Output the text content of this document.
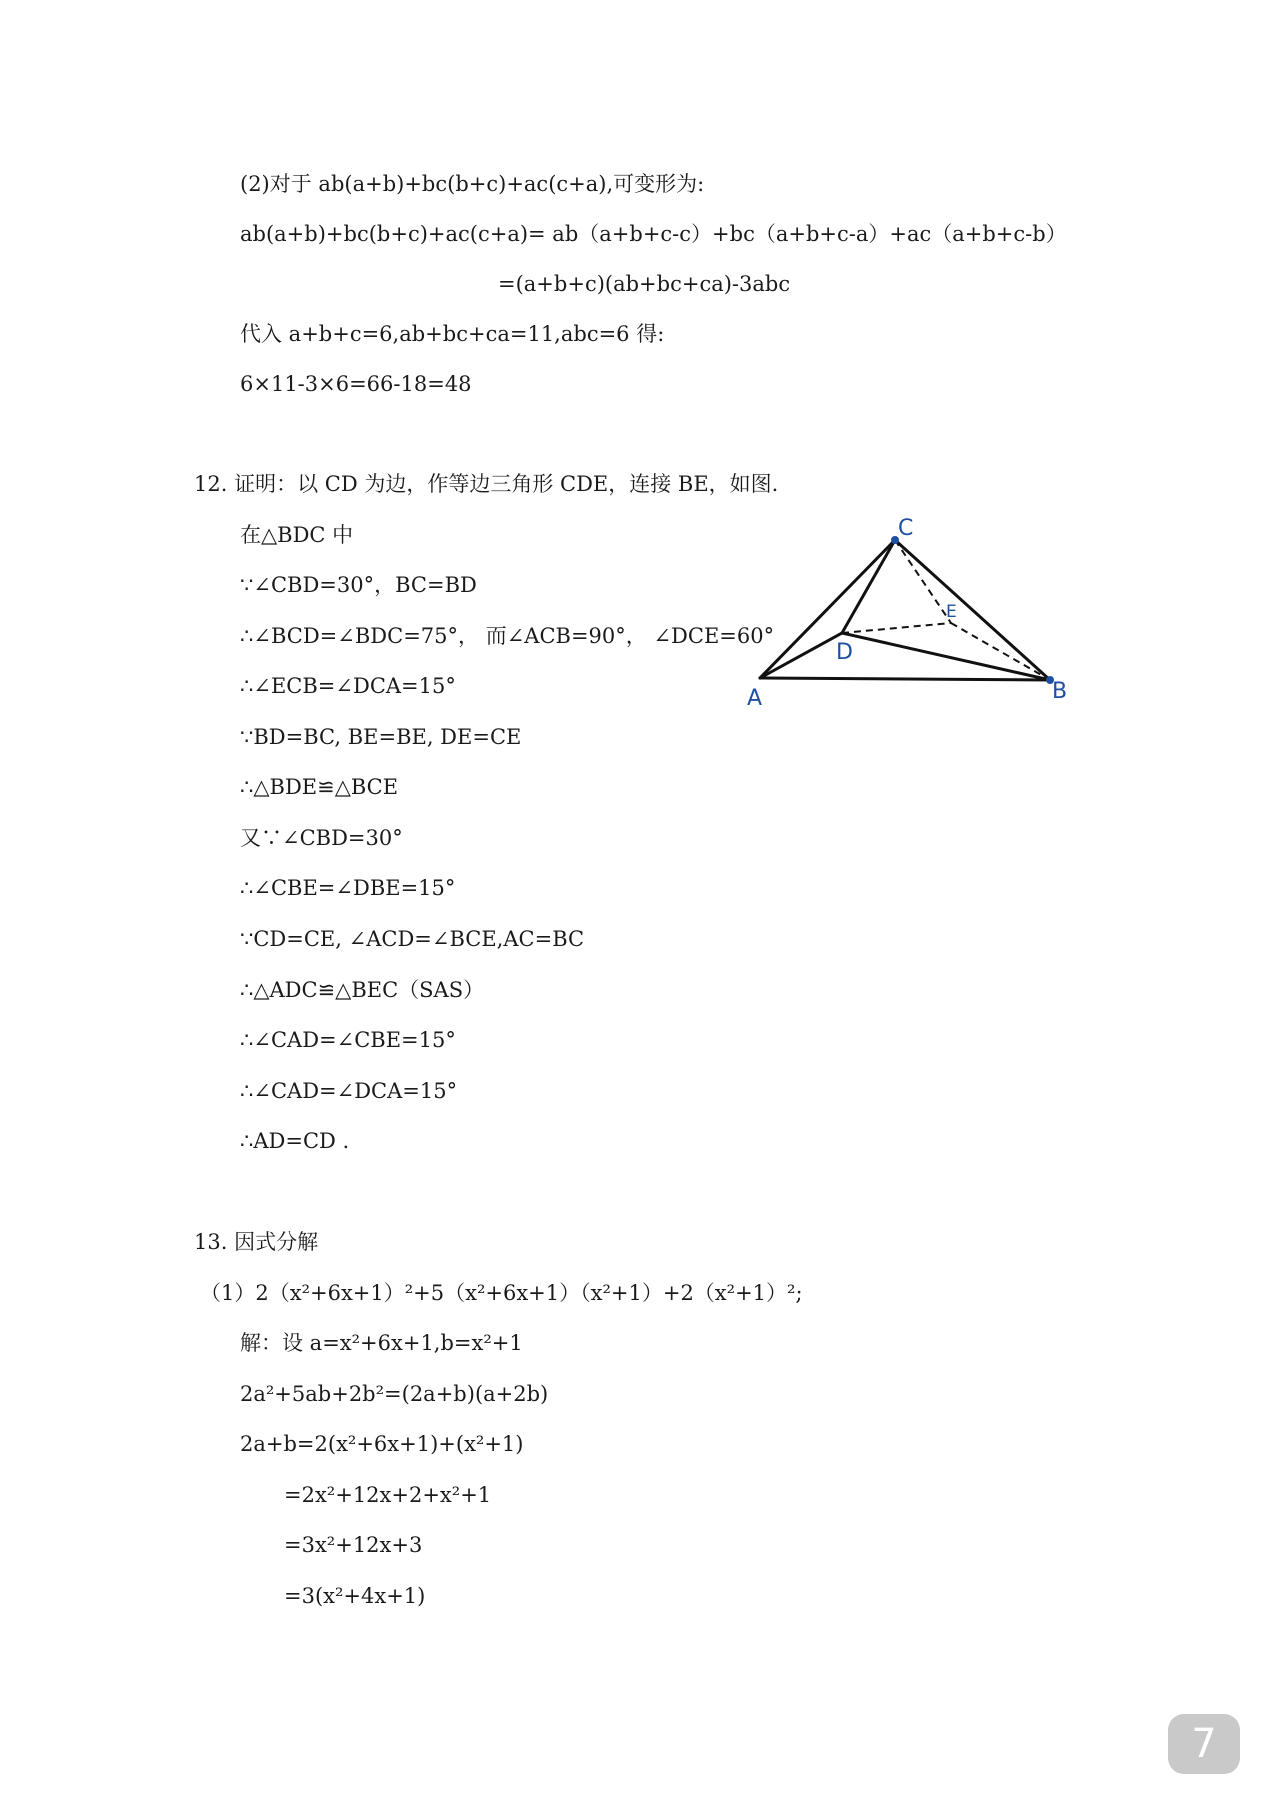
(2)对于 ab(a+b)+bc(b+c)+ac(c+a),可变形为:
ab(a+b)+bc(b+c)+ac(c+a)= ab（a+b+c-c）+bc（a+b+c-a）+ac（a+b+c-b）
=(a+b+c)(ab+bc+ca)-3abc
代入 a+b+c=6,ab+bc+ca=11,abc=6 得:
6×11-3×6=66-18=48
12. 证明：以 CD 为边，作等边三角形 CDE，连接 BE，如图.
在△BDC 中
∵∠CBD=30°，BC=BD
∴∠BCD=∠BDC=75°， 而∠ACB=90°， ∠DCE=60°
∴∠ECB=∠DCA=15°
∵BD=BC, BE=BE, DE=CE
∴△BDE≌△BCE
又∵∠CBD=30°
∴∠CBE=∠DBE=15°
∵CD=CE, ∠ACD=∠BCE,AC=BC
∴△ADC≌△BEC（SAS）
∴∠CAD=∠CBE=15°
∴∠CAD=∠DCA=15°
∴AD=CD .
C
B
A
D
E
13. 因式分解
（1）2（x²+6x+1）²+5（x²+6x+1）（x²+1）+2（x²+1）²;
解：设 a=x²+6x+1,b=x²+1
2a²+5ab+2b²=(2a+b)(a+2b)
2a+b=2(x²+6x+1)+(x²+1)
=2x²+12x+2+x²+1
=3x²+12x+3
=3(x²+4x+1)
7
